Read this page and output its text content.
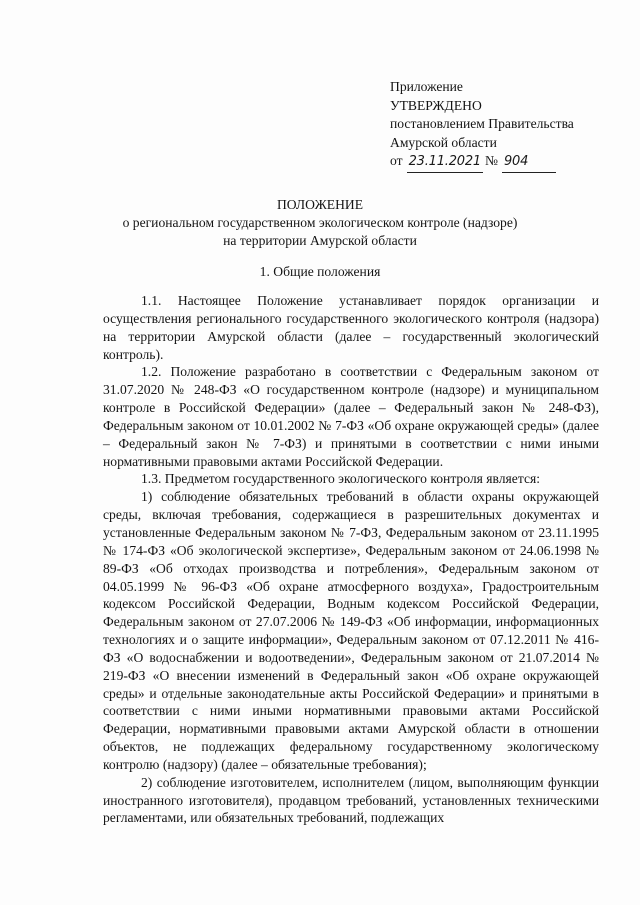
Приложение
УТВЕРЖДЕНО
постановлением Правительства
Амурской области
от 23.11.2021 № 904
ПОЛОЖЕНИЕ
о региональном государственном экологическом контроле (надзоре)
на территории Амурской области
1. Общие положения

1.1. Настоящее Положение устанавливает порядок организации и осуществления регионального государственного экологического контроля (надзора) на территории Амурской области (далее – государственный экологический контроль).

1.2. Положение разработано в соответствии с Федеральным законом от 31.07.2020 № 248-ФЗ «О государственном контроле (надзоре) и муниципальном контроле в Российской Федерации» (далее – Федеральный закон № 248-ФЗ), Федеральным законом от 10.01.2002 № 7-ФЗ «Об охране окружающей среды» (далее – Федеральный закон № 7-ФЗ) и принятыми в соответствии с ними иными нормативными правовыми актами Российской Федерации.

1.3. Предметом государственного экологического контроля является:

1) соблюдение обязательных требований в области охраны окружающей среды, включая требования, содержащиеся в разрешительных документах и установленные Федеральным законом № 7-ФЗ, Федеральным законом от 23.11.1995 № 174-ФЗ «Об экологической экспертизе», Федеральным законом от 24.06.1998 № 89-ФЗ «Об отходах производства и потребления», Федеральным законом от 04.05.1999 № 96-ФЗ «Об охране атмосферного воздуха», Градостроительным кодексом Российской Федерации, Водным кодексом Российской Федерации, Федеральным законом от 27.07.2006 № 149-ФЗ «Об информации, информационных технологиях и о защите информации», Федеральным законом от 07.12.2011 № 416-ФЗ «О водоснабжении и водоотведении», Федеральным законом от 21.07.2014 № 219-ФЗ «О внесении изменений в Федеральный закон «Об охране окружающей среды» и отдельные законодательные акты Российской Федерации» и принятыми в соответствии с ними иными нормативными правовыми актами Российской Федерации, нормативными правовыми актами Амурской области в отношении объектов, не подлежащих федеральному государственному экологическому контролю (надзору) (далее – обязательные требования);

2) соблюдение изготовителем, исполнителем (лицом, выполняющим функции иностранного изготовителя), продавцом требований, установленных техническими регламентами, или обязательных требований, подлежащих
